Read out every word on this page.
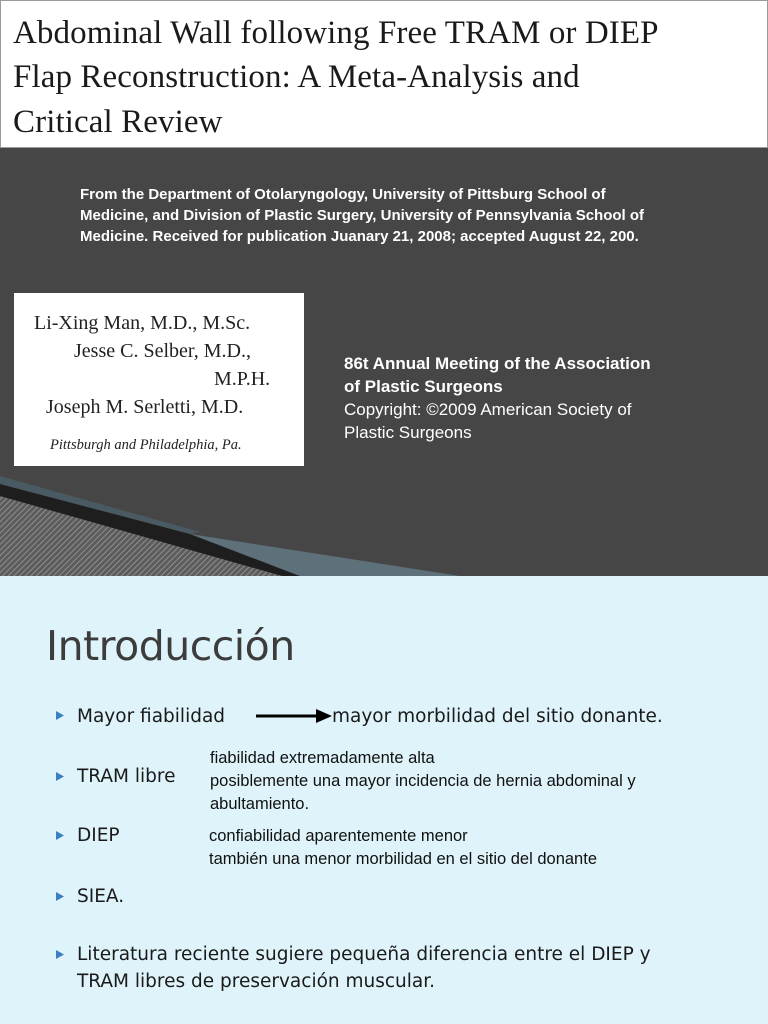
Abdominal Wall following Free TRAM or DIEP
Flap Reconstruction: A Meta-Analysis and
Critical Review
From the Department of Otolaryngology, University of Pittsburg School of
Medicine, and Division of Plastic Surgery, University of Pennsylvania School of
Medicine. Received for publication Juanary 21, 2008; accepted August 22, 200.
Li-Xing Man, M.D., M.Sc.
Jesse C. Selber, M.D.,
M.P.H.
Joseph M. Serletti, M.D.
Pittsburgh and Philadelphia, Pa.
86t Annual Meeting of the Association
of Plastic Surgeons
Copyright: ©2009 American Society of
Plastic Surgeons
Introducción
Mayor fiabilidad	mayor morbilidad del sitio donante.
TRAM libre
fiabilidad extremadamente alta
posiblemente una mayor incidencia de hernia abdominal y
abultamiento.
DIEP	confiabilidad aparentemente menor
también una menor morbilidad en el sitio del donante
SIEA.
Literatura reciente sugiere pequeña diferencia entre el DIEP y
TRAM libres de preservación muscular.
